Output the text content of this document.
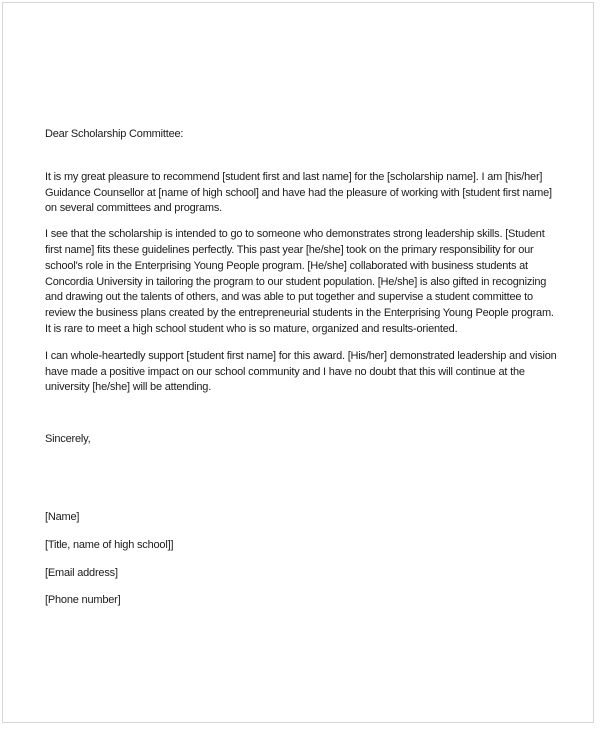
Dear Scholarship Committee:

It is my great pleasure to recommend [student first and last name] for the [scholarship name]. I am [his/her] Guidance Counsellor at [name of high school] and have had the pleasure of working with [student first name] on several committees and programs.

I see that the scholarship is intended to go to someone who demonstrates strong leadership skills. [Student first name] fits these guidelines perfectly. This past year [he/she] took on the primary responsibility for our school's role in the Enterprising Young People program. [He/she] collaborated with business students at Concordia University in tailoring the program to our student population. [He/she] is also gifted in recognizing and drawing out the talents of others, and was able to put together and supervise a student committee to review the business plans created by the entrepreneurial students in the Enterprising Young People program. It is rare to meet a high school student who is so mature, organized and results-oriented.

I can whole-heartedly support [student first name] for this award. [His/her] demonstrated leadership and vision have made a positive impact on our school community and I have no doubt that this will continue at the university [he/she] will be attending.

Sincerely,

[Name]

[Title, name of high school]]

[Email address]

[Phone number]
